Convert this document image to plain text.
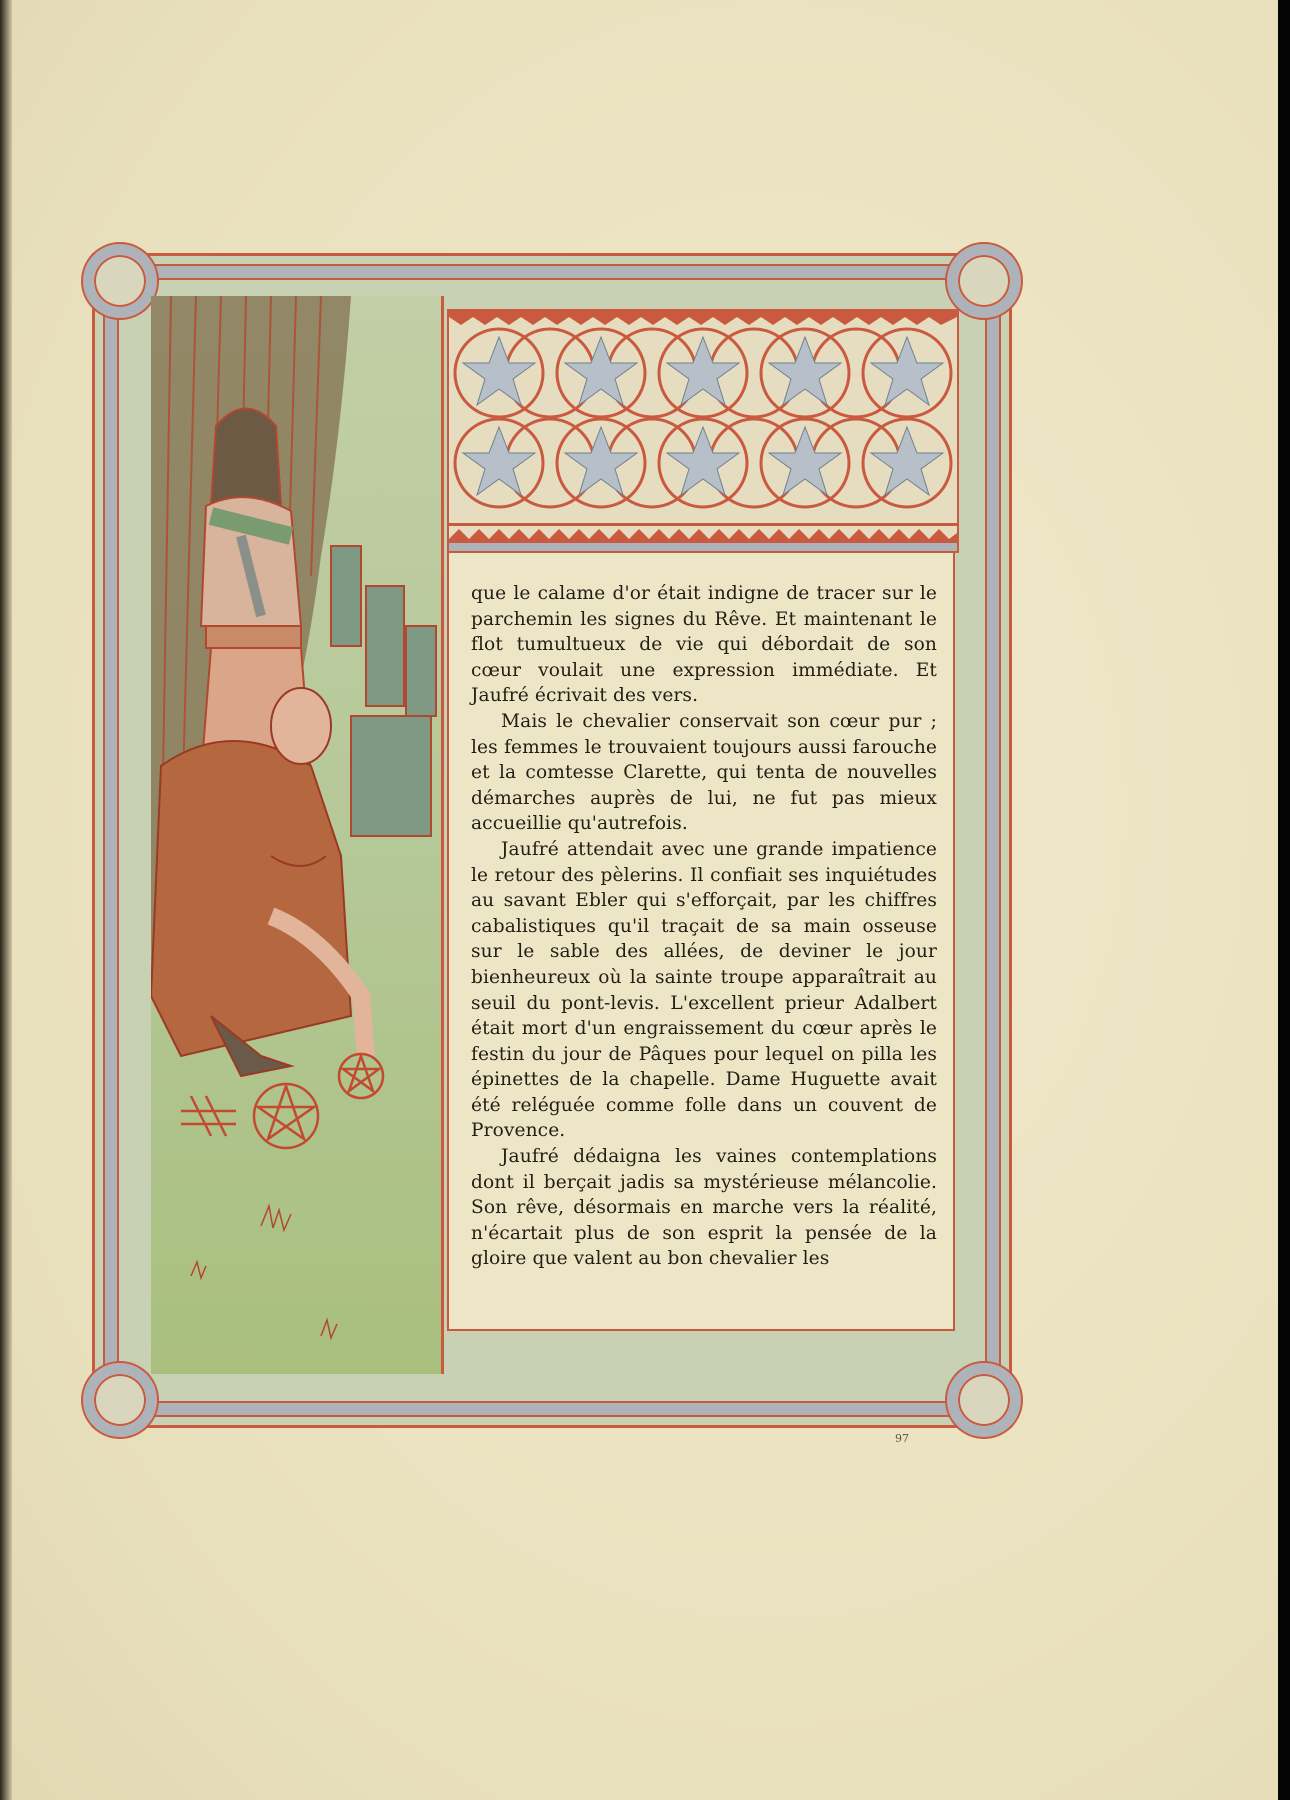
que le calame d'or était indigne de tracer sur le parchemin les signes du Rêve. Et maintenant le flot tumultueux de vie qui débordait de son cœur voulait une expression immédiate. Et Jaufré écrivait des vers.

Mais le chevalier conservait son cœur pur ; les femmes le trouvaient toujours aussi farouche et la comtesse Clarette, qui tenta de nouvelles démarches auprès de lui, ne fut pas mieux accueillie qu'autrefois.

Jaufré attendait avec une grande impatience le retour des pèlerins. Il confiait ses inquiétudes au savant Ebler qui s'efforçait, par les chiffres cabalistiques qu'il traçait de sa main osseuse sur le sable des allées, de deviner le jour bienheureux où la sainte troupe apparaîtrait au seuil du pont-levis. L'excellent prieur Adalbert était mort d'un engraissement du cœur après le festin du jour de Pâques pour lequel on pilla les épinettes de la chapelle. Dame Huguette avait été reléguée comme folle dans un couvent de Provence.

Jaufré dédaigna les vaines contemplations dont il berçait jadis sa mystérieuse mélancolie. Son rêve, désormais en marche vers la réalité, n'écartait plus de son esprit la pensée de la gloire que valent au bon chevalier les

97
